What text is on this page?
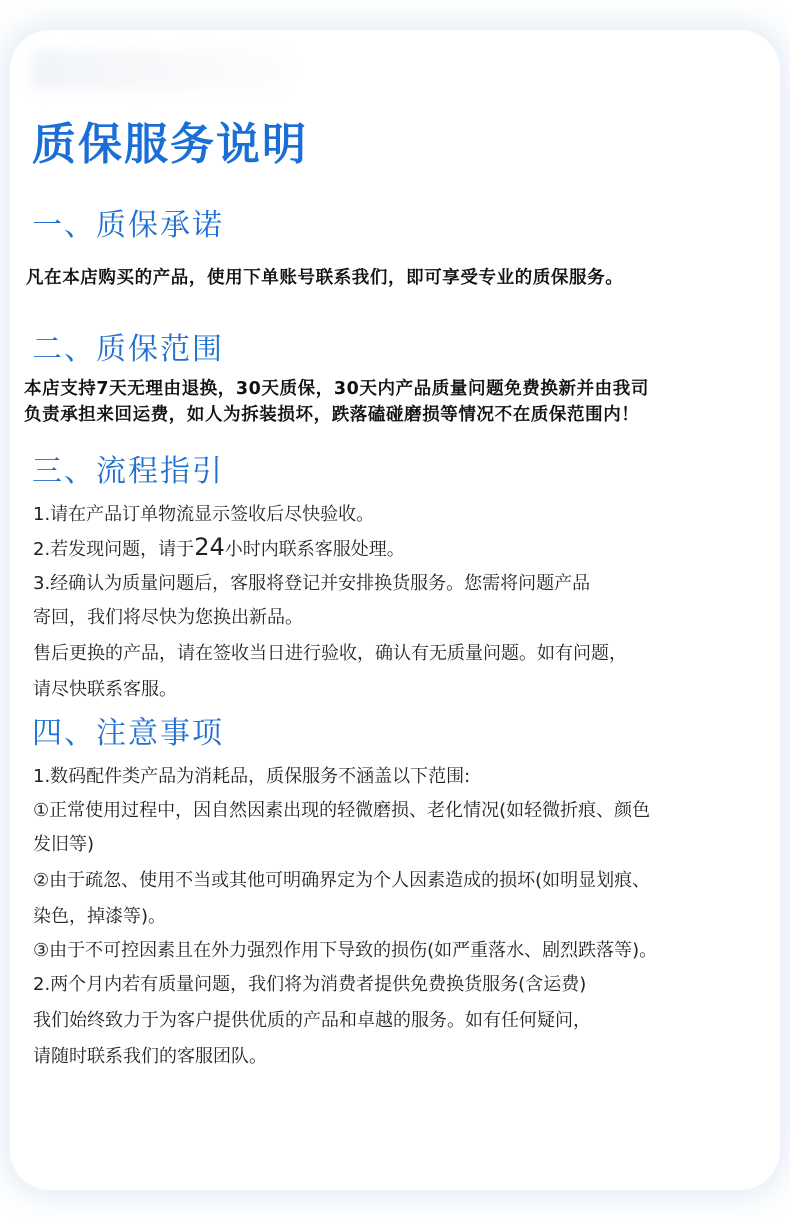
质保服务说明
一、质保承诺
凡在本店购买的产品，使用下单账号联系我们，即可享受专业的质保服务。
二、质保范围
本店支持7天无理由退换，30天质保，30天内产品质量问题免费换新并由我司
负责承担来回运费，如人为拆装损坏，跌落磕碰磨损等情况不在质保范围内！
三、流程指引
1.请在产品订单物流显示签收后尽快验收。
2.若发现问题，请于24小时内联系客服处理。
3.经确认为质量问题后，客服将登记并安排换货服务。您需将问题产品
寄回，我们将尽快为您换出新品。
售后更换的产品，请在签收当日进行验收，确认有无质量问题。如有问题，
请尽快联系客服。
四、注意事项
1.数码配件类产品为消耗品，质保服务不涵盖以下范围:
①正常使用过程中，因自然因素出现的轻微磨损、老化情况(如轻微折痕、颜色
发旧等)
②由于疏忽、使用不当或其他可明确界定为个人因素造成的损坏(如明显划痕、
染色，掉漆等)。
③由于不可控因素且在外力强烈作用下导致的损伤(如严重落水、剧烈跌落等)。
2.两个月内若有质量问题，我们将为消费者提供免费换货服务(含运费)
我们始终致力于为客户提供优质的产品和卓越的服务。如有任何疑问，
请随时联系我们的客服团队。
